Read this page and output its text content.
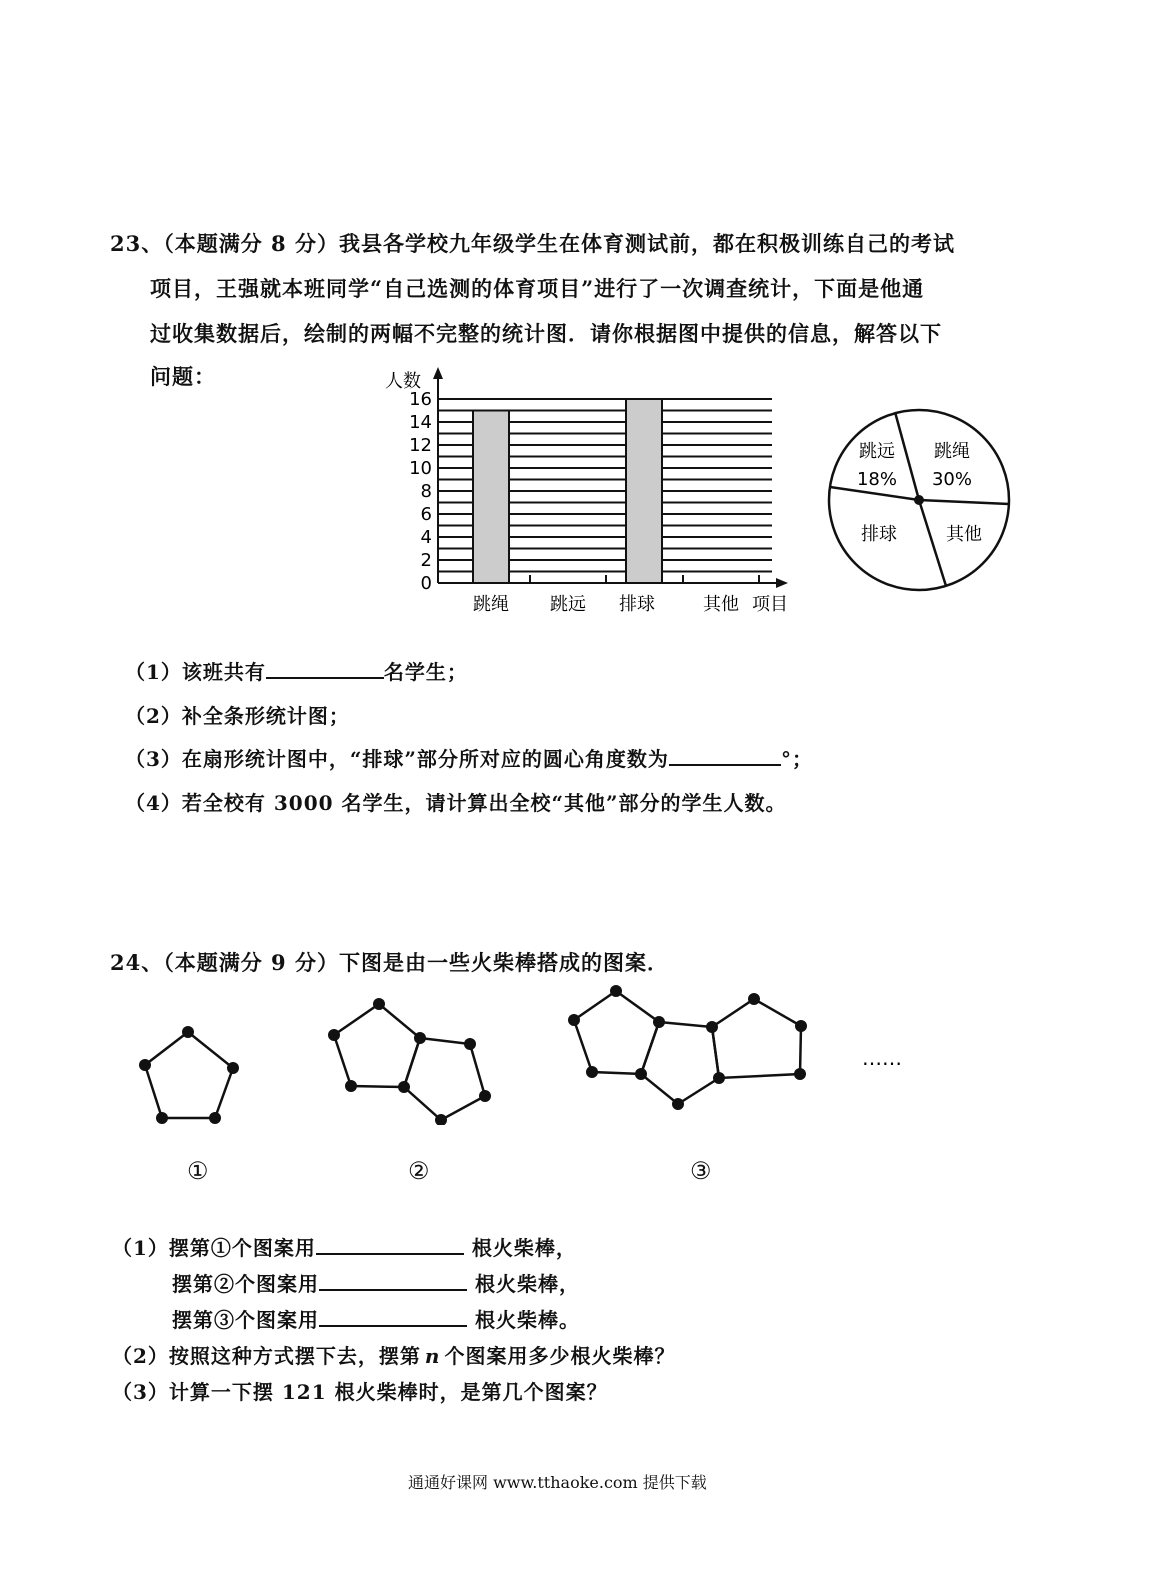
23、（本题满分 8 分）我县各学校九年级学生在体育测试前，都在积极训练自己的考试
项目，王强就本班同学“自己选测的体育项目”进行了一次调查统计，下面是他通
过收集数据后，绘制的两幅不完整的统计图．请你根据图中提供的信息，解答以下
问题：
0
2
4
6
8
10
12
14
16
跳绳 跳远 排球	其他
人数
项目
跳远
18%
跳绳
30%
其他
排球
（1）该班共有	名学生；
（2）补全条形统计图；
（3）在扇形统计图中，“排球”部分所对应的圆心角度数为	°；
（4）若全校有 3000 名学生，请计算出全校“其他”部分的学生人数。
24、（本题满分 9 分）下图是由一些火柴棒搭成的图案．
……
①	②	③
（1）摆第①个图案用	根火柴棒，
摆第②个图案用	根火柴棒，
摆第③个图案用	根火柴棒。
（2）按照这种方式摆下去，摆第 n 个图案用多少根火柴棒？
（3）计算一下摆 121 根火柴棒时，是第几个图案？
通通好课网 www.tthaoke.com 提供下载
